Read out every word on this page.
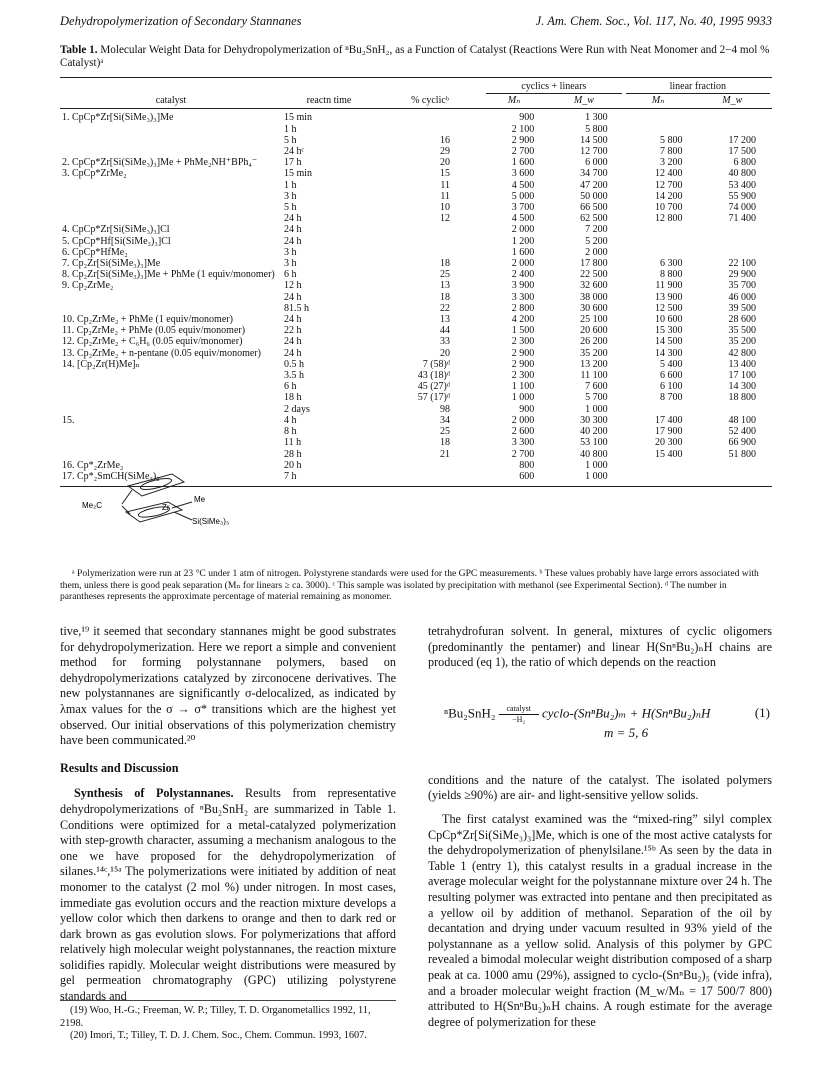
Dehydropolymerization of Secondary Stannanes	J. Am. Chem. Soc., Vol. 117, No. 40, 1995 9933
Table 1. Molecular Weight Data for Dehydropolymerization of ⁿBu₂SnH₂, as a Function of Catalyst (Reactions Were Run with Neat Monomer and 2−4 mol % Catalyst)ᵃ
			cyclics + linears		linear fraction	
catalyst	reactn time	% cyclicᵇ	Mₙ	M_w	Mₙ	M_w
1. CpCp*Zr[Si(SiMe₃)₃]Me	15 min		900	1 300		
	1 h		2 100	5 800		
	5 h	16	2 900	14 500	5 800	17 200
	24 hᶜ	29	2 700	12 700	7 800	17 500
2. CpCp*Zr[Si(SiMe₃)₃]Me + PhMe₂NH⁺BPh₄⁻	17 h	20	1 600	6 000	3 200	6 800
3. CpCp*ZrMe₂	15 min	15	3 600	34 700	12 400	40 800
	1 h	11	4 500	47 200	12 700	53 400
	3 h	11	5 000	50 000	14 200	55 900
	5 h	10	3 700	66 500	10 700	74 000
	24 h	12	4 500	62 500	12 800	71 400
4. CpCp*Zr[Si(SiMe₃)₃]Cl	24 h		2 000	7 200		
5. CpCp*Hf[Si(SiMe₃)₃]Cl	24 h		1 200	5 200		
6. CpCp*HfMe₂	3 h		1 600	2 000		
7. Cp₂Zr[Si(SiMe₃)₃]Me	3 h	18	2 000	17 800	6 300	22 100
8. Cp₂Zr[Si(SiMe₃)₃]Me + PhMe (1 equiv/monomer)	6 h	25	2 400	22 500	8 800	29 900
9. Cp₂ZrMe₂	12 h	13	3 900	32 600	11 900	35 700
	24 h	18	3 300	38 000	13 900	46 000
	81.5 h	22	2 800	30 600	12 500	39 500
10. Cp₂ZrMe₂ + PhMe (1 equiv/monomer)	24 h	13	4 200	25 100	10 600	28 600
11. Cp₂ZrMe₂ + PhMe (0.05 equiv/monomer)	22 h	44	1 500	20 600	15 300	35 500
12. Cp₂ZrMe₂ + C₆H₆ (0.05 equiv/monomer)	24 h	33	2 300	26 200	14 500	35 200
13. Cp₂ZrMe₂ + n-pentane (0.05 equiv/monomer)	24 h	20	2 900	35 200	14 300	42 800
14. [Cp₂Zr(H)Me]ₙ	0.5 h	7 (58)ᵈ	2 900	13 200	5 400	13 400
	3.5 h	43 (18)ᵈ	2 300	11 100	6 600	17 100
	6 h	45 (27)ᵈ	1 100	7 600	6 100	14 300
	18 h	57 (17)ᵈ	1 000	5 700	8 700	18 800
	2 days	98	900	1 000		
15.	4 h	34	2 000	30 300	17 400	48 100
	8 h	25	2 600	40 200	17 900	52 400
	11 h	18	3 300	53 100	20 300	66 900
	28 h	21	2 700	40 800	15 400	51 800

16. Cp*₂ZrMe₂	20 h		800	1 000		
17. Cp*₂SmCH(SiMe₃)₂	7 h		600	1 000		
Me₂C	Zr
Me
Si(SiMe₃)₃
ᵃ Polymerization were run at 23 °C under 1 atm of nitrogen. Polystyrene standards were used for the GPC measurements. ᵇ These values probably have large errors associated with them, unless there is good peak separation (Mₙ for linears ≥ ca. 3000). ᶜ This sample was isolated by precipitation with methanol (see Experimental Section). ᵈ The number in parantheses represents the approximate percentage of material remaining as monomer.

tive,¹⁹ it seemed that secondary stannanes might be good substrates for dehydropolymerization. Here we report a simple and convenient method for forming polystannane polymers, based on dehydropolymerizations catalyzed by zirconocene derivatives. The new polystannanes are significantly σ-delocalized, as indicated by λmax values for the σ → σ* transitions which are the highest yet observed. Our initial observations of this polymerization chemistry have been communicated.²⁰

Results and Discussion

Synthesis of Polystannanes. Results from representative dehydropolymerizations of ⁿBu₂SnH₂ are summarized in Table 1. Conditions were optimized for a metal-catalyzed polymerization with step-growth character, assuming a mechanism analogous to the one we have proposed for the dehydropolymerization of silanes.¹⁴ᶜ,¹⁵ᵃ The polymerizations were initiated by addition of neat monomer to the catalyst (2 mol %) under nitrogen. In most cases, immediate gas evolution occurs and the reaction mixture develops a yellow color which then darkens to orange and then to dark red or dark brown as gas evolution slows. For polymerizations that afford relatively high molecular weight polystannanes, the reaction mixture solidifies rapidly. Molecular weight distributions were measured by gel permeation chromatography (GPC) utilizing polystyrene standards and

(19) Woo, H.-G.; Freeman, W. P.; Tilley, T. D. Organometallics 1992, 11, 2198.
(20) Imori, T.; Tilley, T. D. J. Chem. Soc., Chem. Commun. 1993, 1607.

tetrahydrofuran solvent. In general, mixtures of cyclic oligomers (predominantly the pentamer) and linear H(SnⁿBu₂)ₙH chains are produced (eq 1), the ratio of which depends on the reaction

ⁿBu₂SnH₂	catalyst
−H₂	cyclo-(SnⁿBu₂)ₘ + H(SnⁿBu₂)ₙH	(1)
m = 5, 6

conditions and the nature of the catalyst. The isolated polymers (yields ≥90%) are air- and light-sensitive yellow solids.

The first catalyst examined was the “mixed-ring” silyl complex CpCp*Zr[Si(SiMe₃)₃]Me, which is one of the most active catalysts for the dehydropolymerization of phenylsilane.¹⁵ᵇ As seen by the data in Table 1 (entry 1), this catalyst results in a gradual increase in the average molecular weight for the polystannane mixture over 24 h. The resulting polymer was extracted into pentane and then precipitated as a yellow oil by addition of methanol. Separation of the oil by decantation and drying under vacuum resulted in 93% yield of the polystannane as a yellow solid. Analysis of this polymer by GPC revealed a bimodal molecular weight distribution composed of a sharp peak at ca. 1000 amu (29%), assigned to cyclo-(SnⁿBu₂)₅ (vide infra), and a broader molecular weight fraction (M_w/Mₙ = 17 500/7 800) attributed to H(SnⁿBu₂)ₙH chains. A rough estimate for the average degree of polymerization for these
